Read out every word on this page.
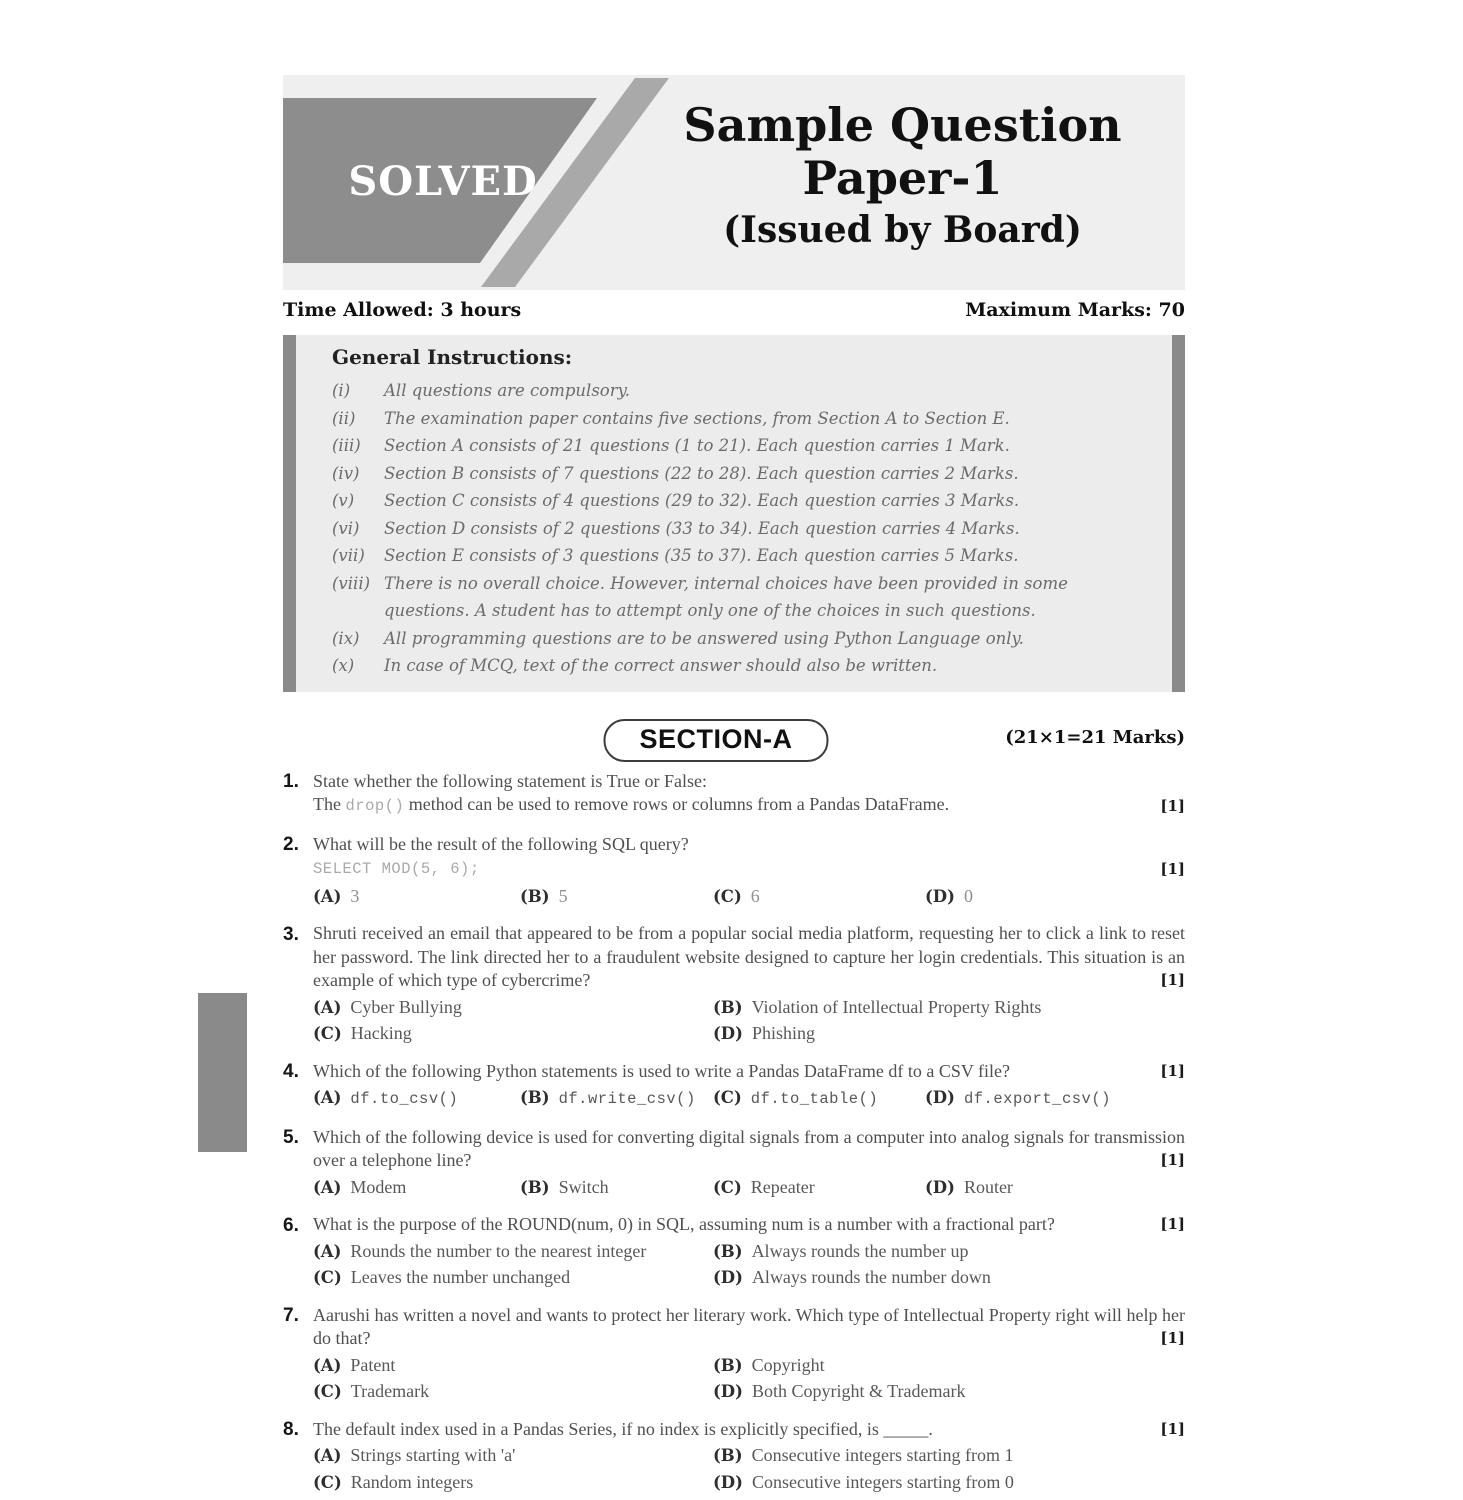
SOLVED
Sample Question
Paper-1
(Issued by Board)
Time Allowed: 3 hours	Maximum Marks: 70
General Instructions:
(i)	All questions are compulsory.
(ii)	The examination paper contains five sections, from Section A to Section E.
(iii)	Section A consists of 21 questions (1 to 21). Each question carries 1 Mark.
(iv)	Section B consists of 7 questions (22 to 28). Each question carries 2 Marks.
(v)	Section C consists of 4 questions (29 to 32). Each question carries 3 Marks.
(vi)	Section D consists of 2 questions (33 to 34). Each question carries 4 Marks.
(vii)	Section E consists of 3 questions (35 to 37). Each question carries 5 Marks.
(viii) There is no overall choice. However, internal choices have been provided in some questions. A student has to attempt only one of the choices in such questions.
(ix)	All programming questions are to be answered using Python Language only.
(x)	In case of MCQ, text of the correct answer should also be written.
SECTION-A	(21×1=21 Marks)
1. State whether the following statement is True or False:
The drop() method can be used to remove rows or columns from a Pandas DataFrame.	[1]
2. What will be the result of the following SQL query?
SELECT MOD(5, 6);	[1]
(A) 3	(B) 5	(C) 6	(D) 0
3. Shruti received an email that appeared to be from a popular social media platform, requesting her to click a link to reset her password. The link directed her to a fraudulent website designed to capture her login credentials. This situation is an example of which type of cybercrime?	[1]
(A) Cyber Bullying	(B) Violation of Intellectual Property Rights
(C) Hacking	(D) Phishing
4. Which of the following Python statements is used to write a Pandas DataFrame df to a CSV file?	[1]
(A) df.to_csv()	(B) df.write_csv()	(C) df.to_table()	(D) df.export_csv()
5. Which of the following device is used for converting digital signals from a computer into analog signals for transmission over a telephone line?	[1]
(A) Modem	(B) Switch	(C) Repeater	(D) Router
6. What is the purpose of the ROUND(num, 0) in SQL, assuming num is a number with a fractional part?	[1]
(A) Rounds the number to the nearest integer	(B) Always rounds the number up
(C) Leaves the number unchanged	(D) Always rounds the number down
7. Aarushi has written a novel and wants to protect her literary work. Which type of Intellectual Property right will help her do that?	[1]
(A) Patent	(B) Copyright
(C) Trademark	(D) Both Copyright & Trademark
8. The default index used in a Pandas Series, if no index is explicitly specified, is _____.	[1]
(A) Strings starting with 'a'	(B) Consecutive integers starting from 1
(C) Random integers	(D) Consecutive integers starting from 0
